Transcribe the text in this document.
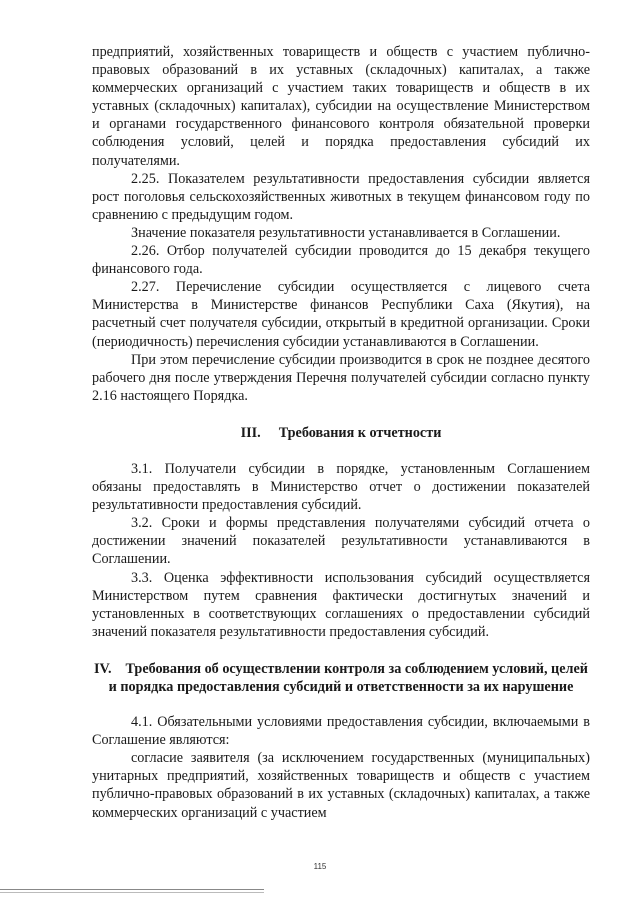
предприятий, хозяйственных товариществ и обществ с участием публично-правовых образований в их уставных (складочных) капиталах, а также коммерческих организаций с участием таких товариществ и обществ в их уставных (складочных) капиталах), субсидии на осуществление Министерством и органами государственного финансового контроля обязательной проверки соблюдения условий, целей и порядка предоставления субсидий их получателями.

2.25. Показателем результативности предоставления субсидии является рост поголовья сельскохозяйственных животных в текущем финансовом году по сравнению с предыдущим годом.

Значение показателя результативности устанавливается в Соглашении.

2.26. Отбор получателей субсидии проводится до 15 декабря текущего финансового года.

2.27. Перечисление субсидии осуществляется с лицевого счета Министерства в Министерстве финансов Республики Саха (Якутия), на расчетный счет получателя субсидии, открытый в кредитной организации. Сроки (периодичность) перечисления субсидии устанавливаются в Соглашении.

При этом перечисление субсидии производится в срок не позднее десятого рабочего дня после утверждения Перечня получателей субсидии согласно пункту 2.16 настоящего Порядка.

III. Требования к отчетности

3.1. Получатели субсидии в порядке, установленным Соглашением обязаны предоставлять в Министерство отчет о достижении показателей результативности предоставления субсидий.

3.2. Сроки и формы представления получателями субсидий отчета о достижении значений показателей результативности устанавливаются в Соглашении.

3.3. Оценка эффективности использования субсидий осуществляется Министерством путем сравнения фактически достигнутых значений и установленных в соответствующих соглашениях о предоставлении субсидий значений показателя результативности предоставления субсидий.

IV. Требования об осуществлении контроля за соблюдением условий, целей и порядка предоставления субсидий и ответственности за их нарушение

4.1. Обязательными условиями предоставления субсидии, включаемыми в Соглашение являются:

согласие заявителя (за исключением государственных (муниципальных) унитарных предприятий, хозяйственных товариществ и обществ с участием публично-правовых образований в их уставных (складочных) капиталах, а также коммерческих организаций с участием

115
